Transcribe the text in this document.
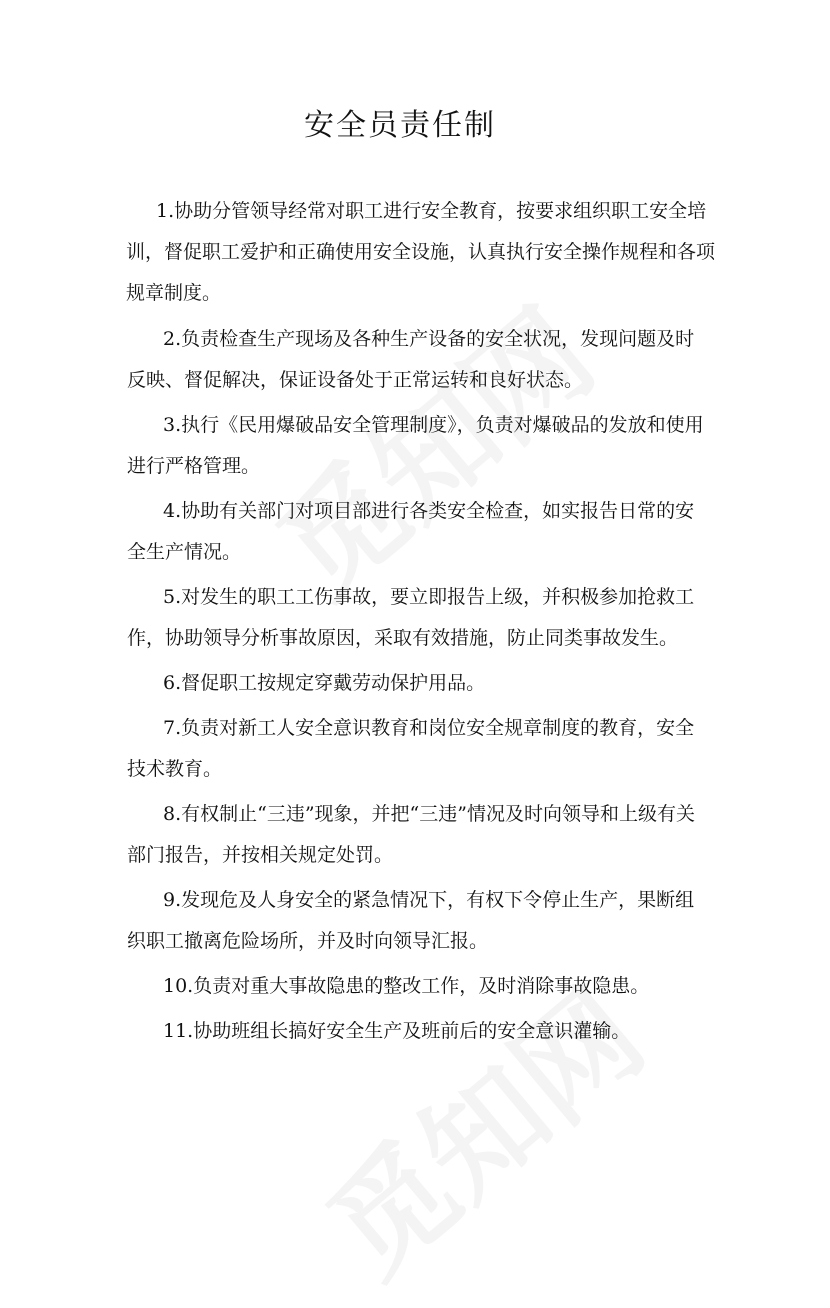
安全员责任制

1.协助分管领导经常对职工进行安全教育，按要求组织职工安全培训，督促职工爱护和正确使用安全设施，认真执行安全操作规程和各项规章制度。

2.负责检查生产现场及各种生产设备的安全状况，发现问题及时反映、督促解决，保证设备处于正常运转和良好状态。

3.执行《民用爆破品安全管理制度》，负责对爆破品的发放和使用进行严格管理。

4.协助有关部门对项目部进行各类安全检查，如实报告日常的安全生产情况。

5.对发生的职工工伤事故，要立即报告上级，并积极参加抢救工作，协助领导分析事故原因，采取有效措施，防止同类事故发生。

6.督促职工按规定穿戴劳动保护用品。

7.负责对新工人安全意识教育和岗位安全规章制度的教育，安全技术教育。

8.有权制止“三违”现象，并把“三违”情况及时向领导和上级有关部门报告，并按相关规定处罚。

9.发现危及人身安全的紧急情况下，有权下令停止生产，果断组织职工撤离危险场所，并及时向领导汇报。

10.负责对重大事故隐患的整改工作，及时消除事故隐患。

11.协助班组长搞好安全生产及班前后的安全意识灌输。
